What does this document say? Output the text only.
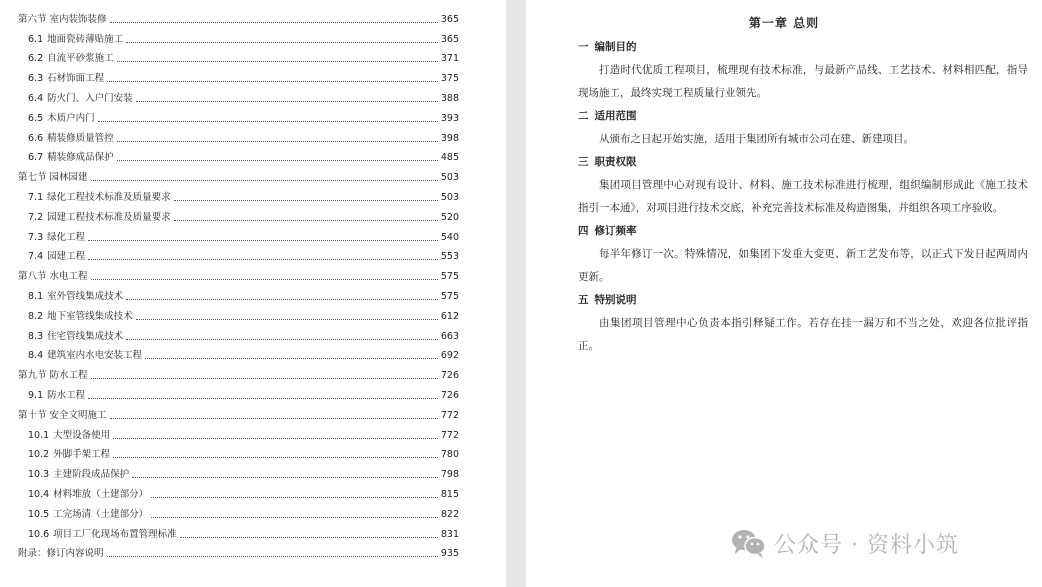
第六节 室内装饰装修	365
6.1 地面瓷砖薄贴施工	365
6.2 自流平砂浆施工	371
6.3 石材饰面工程	375
6.4 防火门、入户门安装	388
6.5 木质户内门	393
6.6 精装修质量管控	398
6.7 精装修成品保护	485
第七节 园林园建	503
7.1 绿化工程技术标准及质量要求	503
7.2 园建工程技术标准及质量要求	520
7.3 绿化工程	540
7.4 园建工程	553
第八节 水电工程	575
8.1 室外管线集成技术	575
8.2 地下室管线集成技术	612
8.3 住宅管线集成技术	663
8.4 建筑室内水电安装工程	692
第九节 防水工程	726
9.1 防水工程	726
第十节 安全文明施工	772
10.1 大型设备使用	772
10.2 外脚手架工程	780
10.3 主建阶段成品保护	798
10.4 材料堆放（土建部分）	815
10.5 工完场清（土建部分）	822
10.6 项目工厂化现场布置管理标准	831
附录：修订内容说明	935
第一章 总则
一 编制目的
打造时代优质工程项目，梳理现有技术标准，与最新产品线、工艺技术、材料相匹配，指导现场施工，最终实现工程质量行业领先。
二 适用范围
从颁布之日起开始实施，适用于集团所有城市公司在建、新建项目。
三 职责权限
集团项目管理中心对现有设计、材料、施工技术标准进行梳理，组织编制形成此《施工技术指引一本通》，对项目进行技术交底，补充完善技术标准及构造图集，并组织各项工序验收。
四 修订频率
每半年修订一次。特殊情况，如集团下发重大变更、新工艺发布等，以正式下发日起两周内更新。
五 特别说明
由集团项目管理中心负责本指引释疑工作。若存在挂一漏万和不当之处，欢迎各位批评指正。
公众号 · 资料小筑
